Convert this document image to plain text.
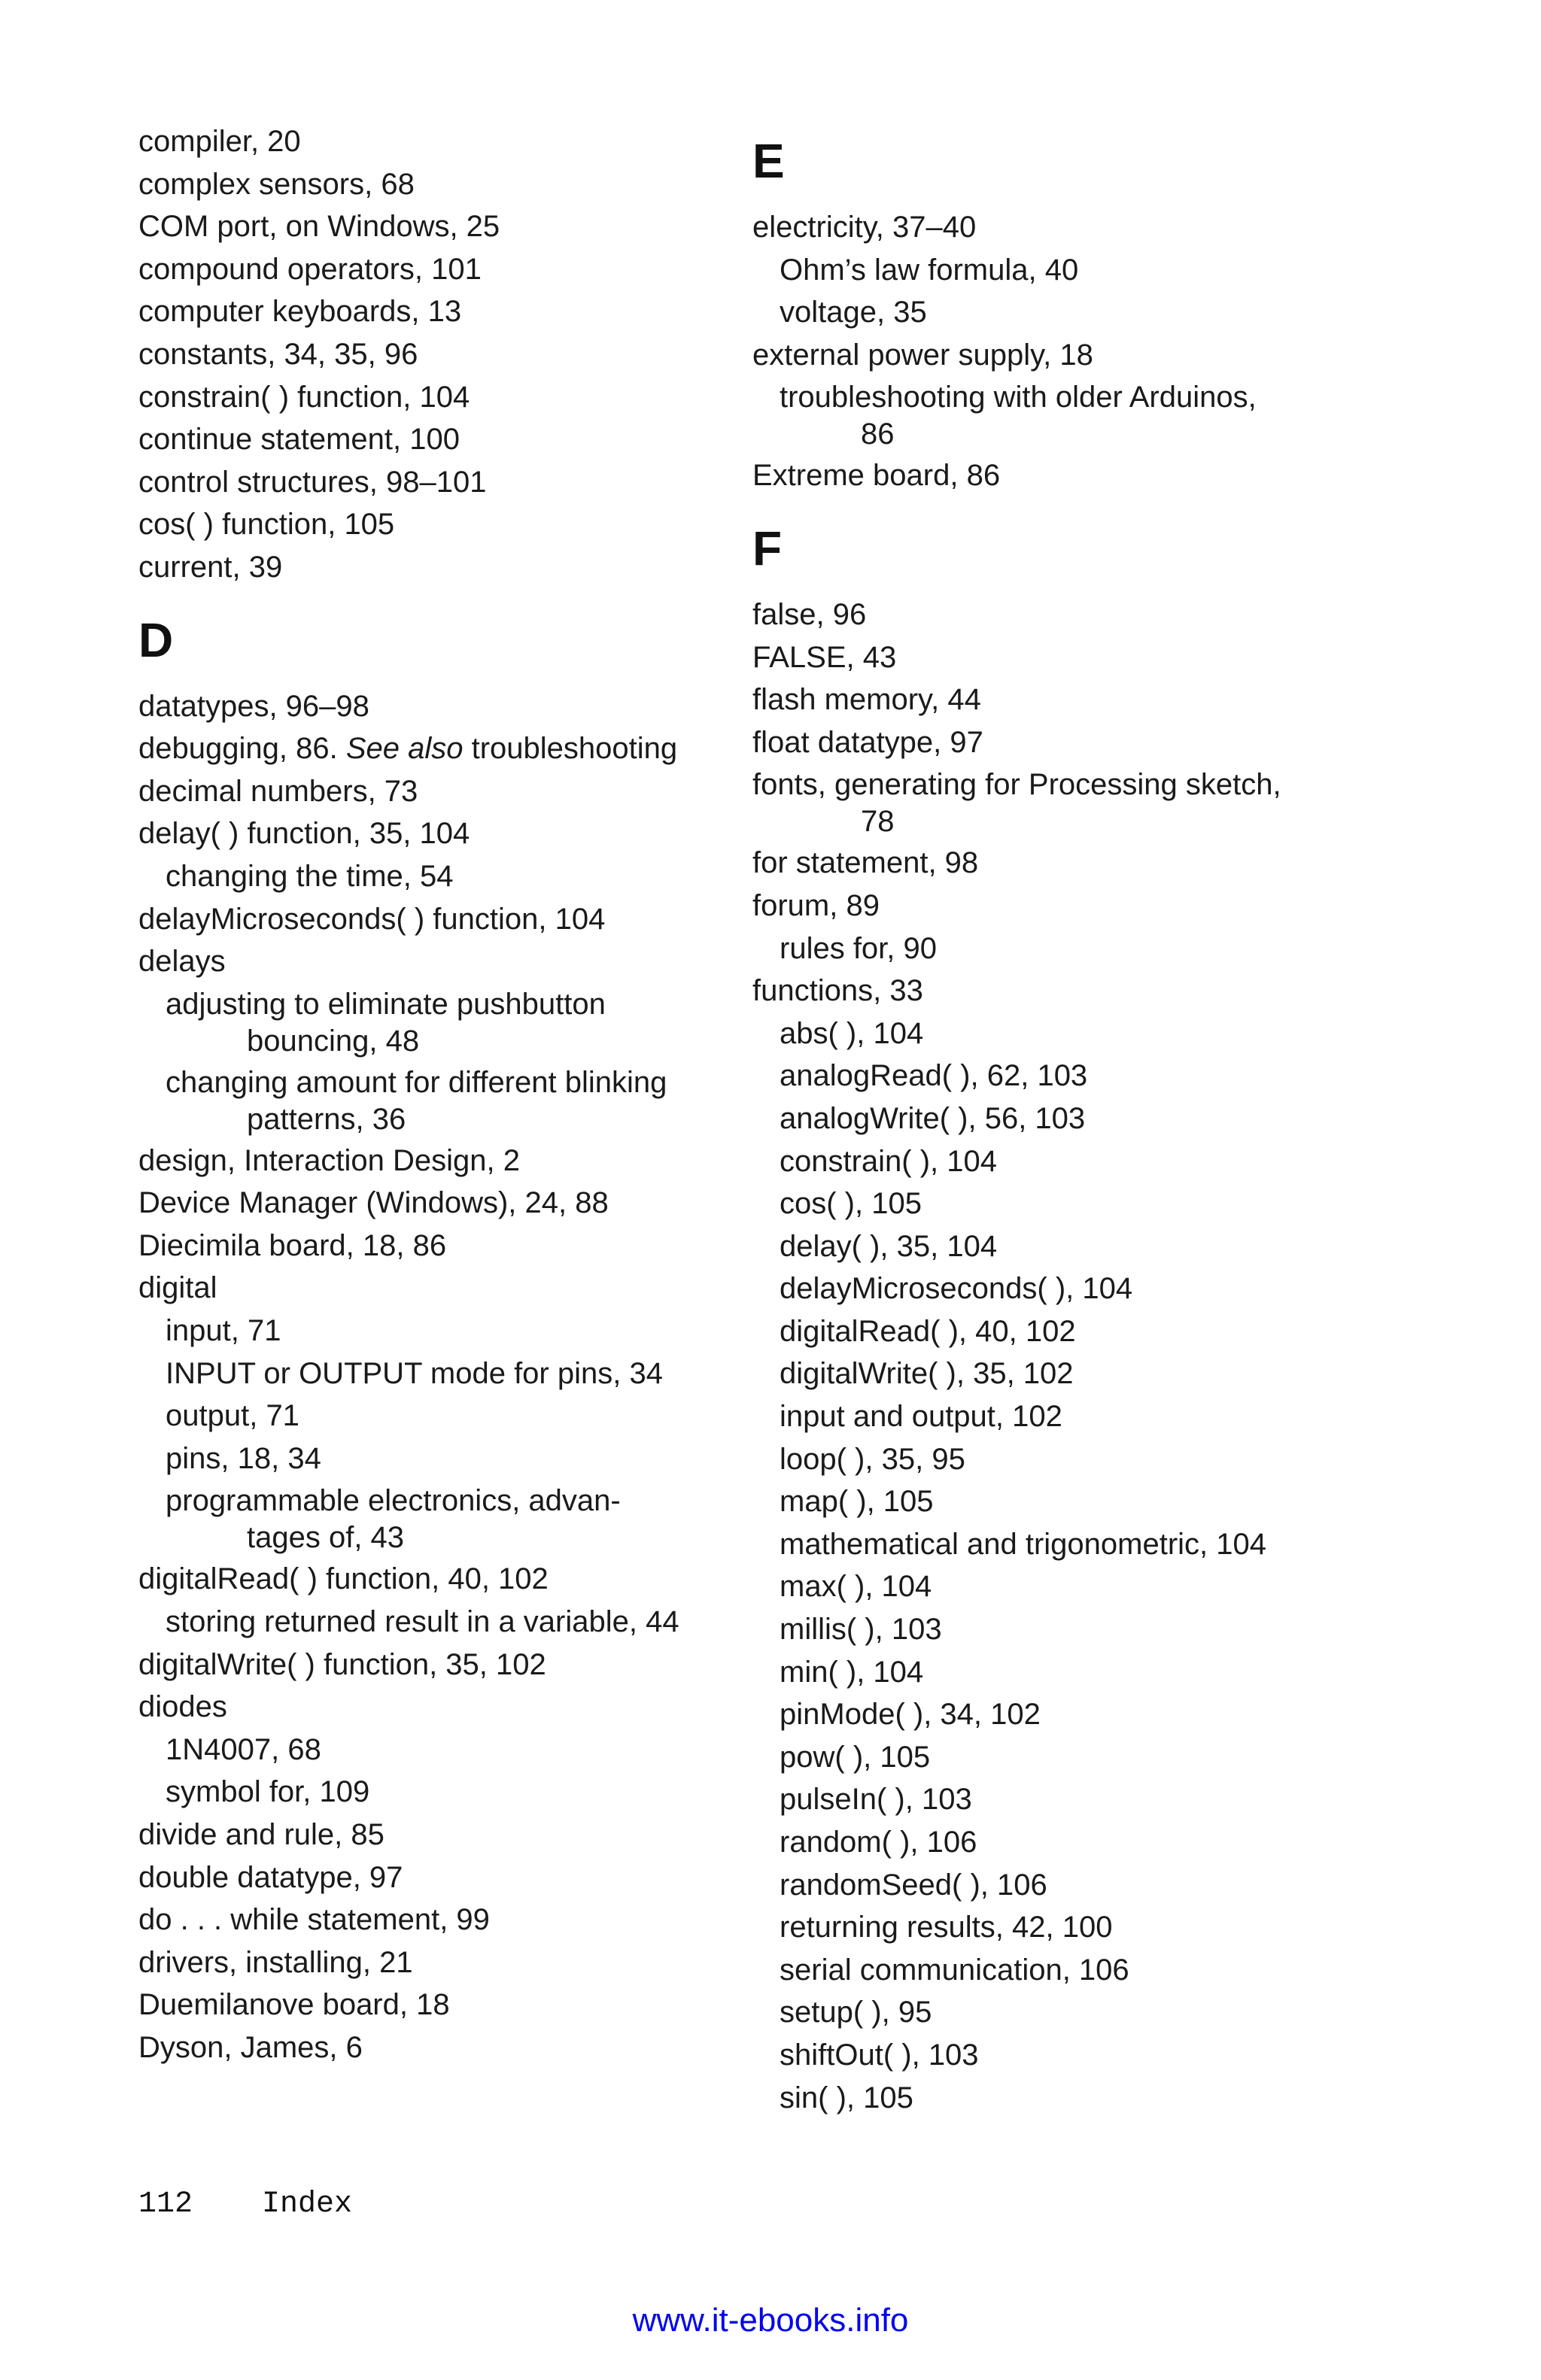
compiler, 20
complex sensors, 68
COM port, on Windows, 25
compound operators, 101
computer keyboards, 13
constants, 34, 35, 96
constrain( ) function, 104
continue statement, 100
control structures, 98–101
cos( ) function, 105
current, 39
D
datatypes, 96–98
debugging, 86. See also troubleshooting
decimal numbers, 73
delay( ) function, 35, 104
changing the time, 54
delayMicroseconds( ) function, 104
delays
adjusting to eliminate pushbutton
bouncing, 48
changing amount for different blinking
patterns, 36
design, Interaction Design, 2
Device Manager (Windows), 24, 88
Diecimila board, 18, 86
digital
input, 71
INPUT or OUTPUT mode for pins, 34
output, 71
pins, 18, 34
programmable electronics, advan-
tages of, 43
digitalRead( ) function, 40, 102
storing returned result in a variable, 44
digitalWrite( ) function, 35, 102
diodes
1N4007, 68
symbol for, 109
divide and rule, 85
double datatype, 97
do . . . while statement, 99
drivers, installing, 21
Duemilanove board, 18
Dyson, James, 6
E
electricity, 37–40
Ohm’s law formula, 40
voltage, 35
external power supply, 18
troubleshooting with older Arduinos,
86
Extreme board, 86
F
false, 96
FALSE, 43
flash memory, 44
float datatype, 97
fonts, generating for Processing sketch,
78
for statement, 98
forum, 89
rules for, 90
functions, 33
abs( ), 104
analogRead( ), 62, 103
analogWrite( ), 56, 103
constrain( ), 104
cos( ), 105
delay( ), 35, 104
delayMicroseconds( ), 104
digitalRead( ), 40, 102
digitalWrite( ), 35, 102
input and output, 102
loop( ), 35, 95
map( ), 105
mathematical and trigonometric, 104
max( ), 104
millis( ), 103
min( ), 104
pinMode( ), 34, 102
pow( ), 105
pulseIn( ), 103
random( ), 106
randomSeed( ), 106
returning results, 42, 100
serial communication, 106
setup( ), 95
shiftOut( ), 103
sin( ), 105
112 Index
www.it-ebooks.info
